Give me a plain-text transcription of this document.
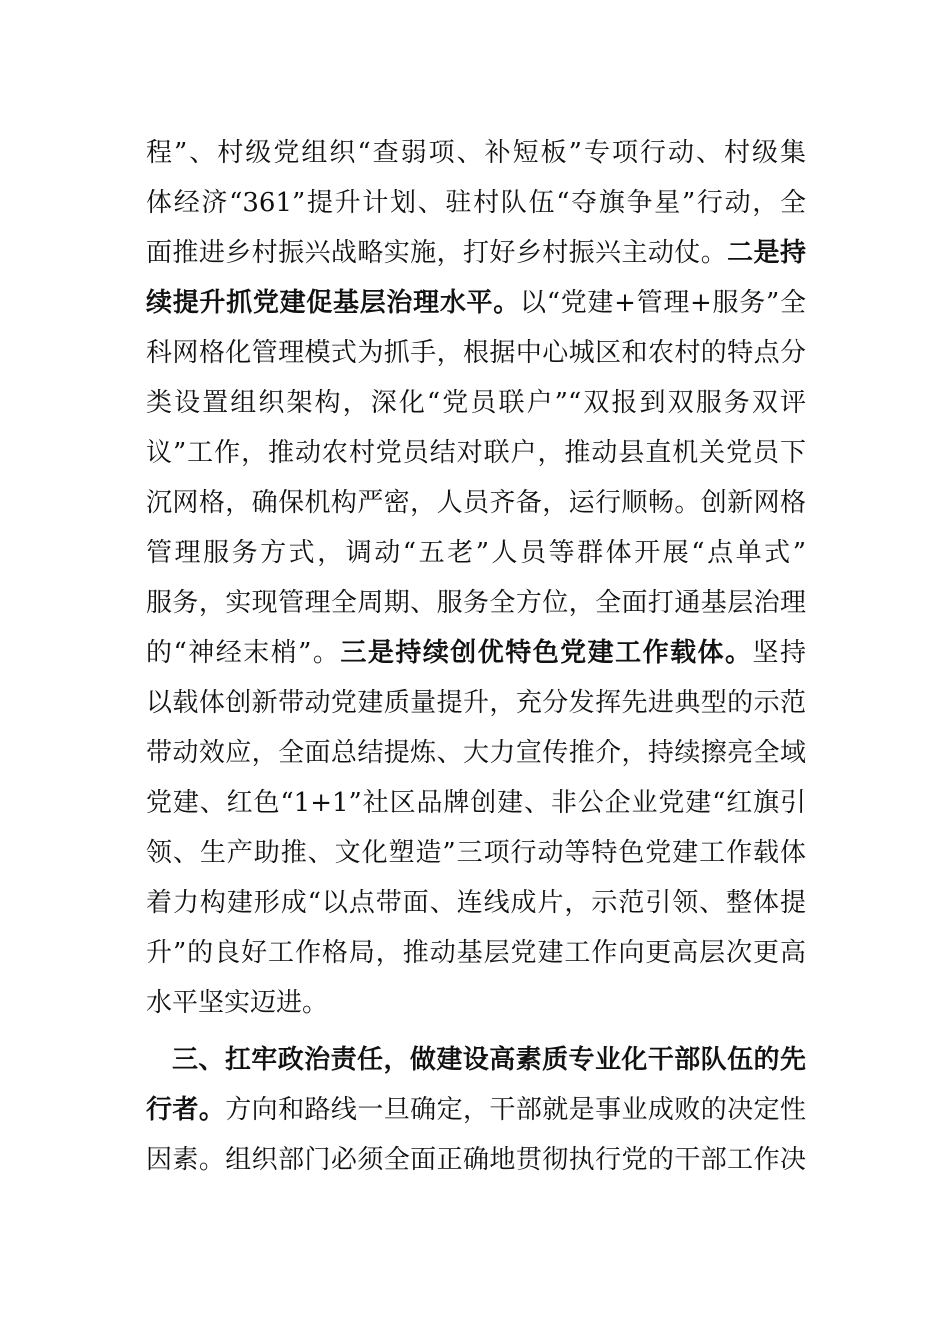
程”、村级党组织“查弱项、补短板”专项行动、村级集
体经济“361”提升计划、驻村队伍“夺旗争星”行动，全
面推进乡村振兴战略实施，打好乡村振兴主动仗。二是持
续提升抓党建促基层治理水平。以“党建+管理+服务”全
科网格化管理模式为抓手，根据中心城区和农村的特点分
类设置组织架构，深化“党员联户”“双报到双服务双评
议”工作，推动农村党员结对联户，推动县直机关党员下
沉网格，确保机构严密，人员齐备，运行顺畅。创新网格
管理服务方式，调动“五老”人员等群体开展“点单式”
服务，实现管理全周期、服务全方位，全面打通基层治理
的“神经末梢”。三是持续创优特色党建工作载体。坚持
以载体创新带动党建质量提升，充分发挥先进典型的示范
带动效应，全面总结提炼、大力宣传推介，持续擦亮全域
党建、红色“1+1”社区品牌创建、非公企业党建“红旗引
领、生产助推、文化塑造”三项行动等特色党建工作载体
着力构建形成“以点带面、连线成片，示范引领、整体提
升”的良好工作格局，推动基层党建工作向更高层次更高
水平坚实迈进。
三、扛牢政治责任，做建设高素质专业化干部队伍的先
行者。方向和路线一旦确定，干部就是事业成败的决定性
因素。组织部门必须全面正确地贯彻执行党的干部工作决
